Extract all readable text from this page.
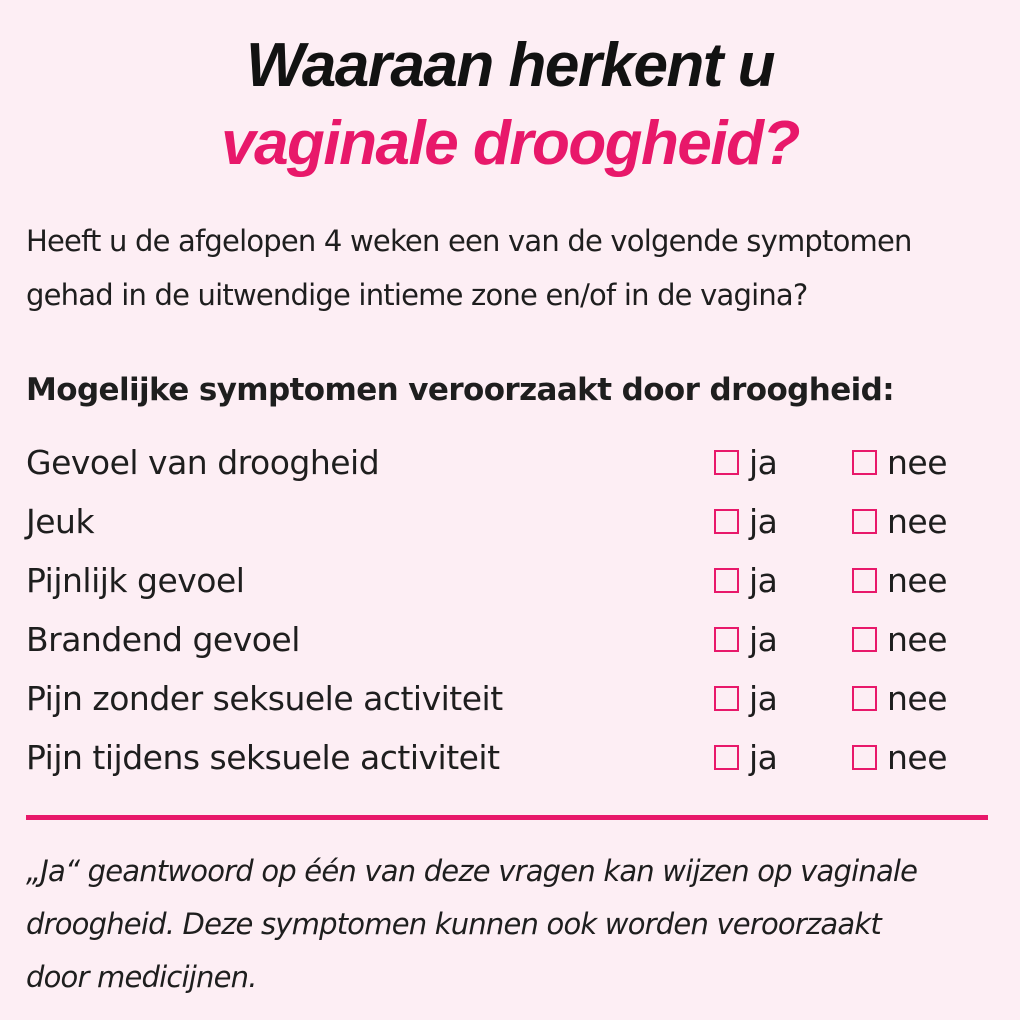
Waaraan herkent u
vaginale droogheid?
Heeft u de afgelopen 4 weken een van de volgende symptomen
gehad in de uitwendige intieme zone en/of in de vagina?
Mogelijke symptomen veroorzaakt door droogheid:
Gevoel van droogheid	ja	nee
Jeuk	ja	nee
Pijnlijk gevoel	ja	nee
Brandend gevoel	ja	nee
Pijn zonder seksuele activiteit	ja	nee
Pijn tijdens seksuele activiteit	ja	nee
„Ja“ geantwoord op één van deze vragen kan wijzen op vaginale
droogheid. Deze symptomen kunnen ook worden veroorzaakt
door medicijnen.
